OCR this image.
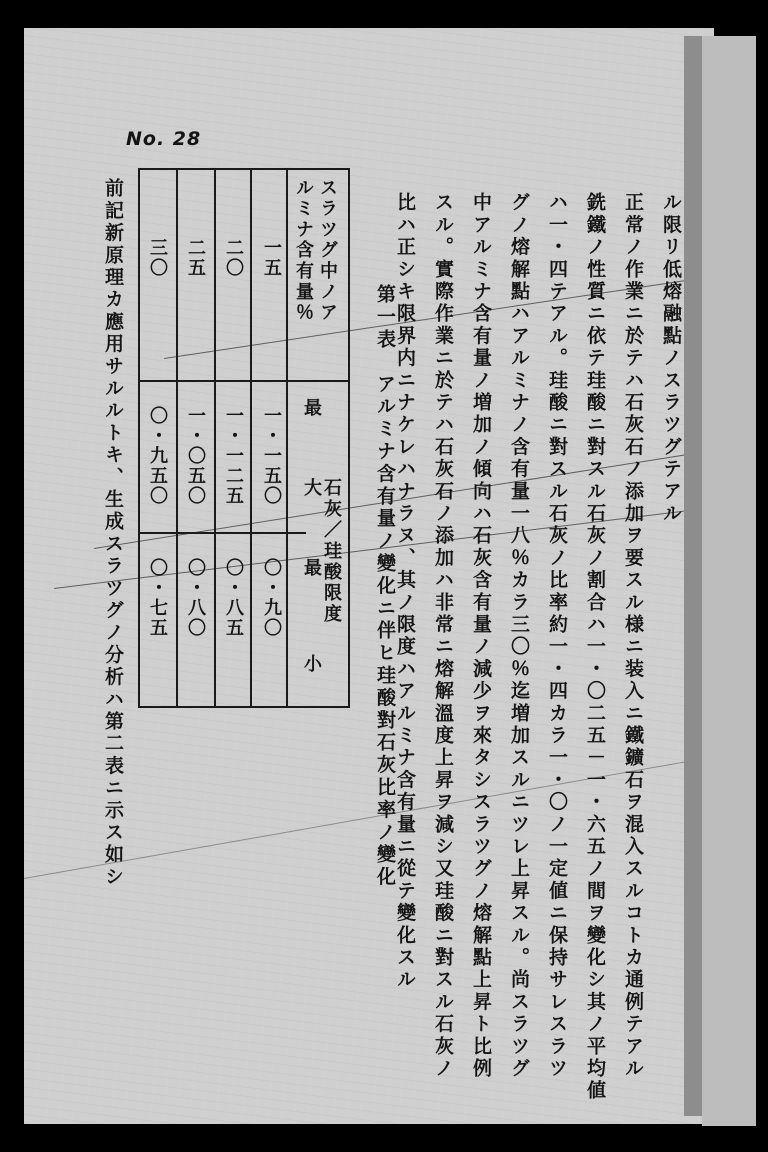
No. 28
ル限リ低熔融點ノスラツグテアル
正常ノ作業ニ於テハ石灰石ノ添加ヲ要スル様ニ装入ニ鐵鑛石ヲ混入スルコトカ通例テアル
銑鐵ノ性質ニ依テ珪酸ニ對スル石灰ノ割合ハ一・〇二五－一・六五ノ間ヲ變化シ其ノ平均値
ハ一・四テアル。珪酸ニ對スル石灰ノ比率約一・四カラ一・〇ノ一定値ニ保持サレスラツ
グノ熔解點ハアルミナノ含有量一八％カラ三〇％迄増加スルニツレ上昇スル。尚スラツグ
中アルミナ含有量ノ増加ノ傾向ハ石灰含有量ノ減少ヲ來タシスラツグノ熔解點上昇ト比例
スル。實際作業ニ於テハ石灰石ノ添加ハ非常ニ熔解溫度上昇ヲ減シ又珪酸ニ對スル石灰ノ
比ハ正シキ限界内ニナケレハナラヌ、其ノ限度ハアルミナ含有量ニ從テ變化スル
第一表　アルミナ含有量ノ變化ニ伴ヒ珪酸對石灰比率ノ變化
スラツグ中ノア
ルミナ含有量％
石灰／珪酸限度
最　大
最　小
一五
一・一五〇
〇・九〇
二〇
一・一二五
〇・八五
二五
一・〇五〇
〇・八〇
三〇
〇・九五〇
〇・七五
前記新原理カ應用サルルトキ、生成スラツグノ分析ハ第二表ニ示ス如シ
